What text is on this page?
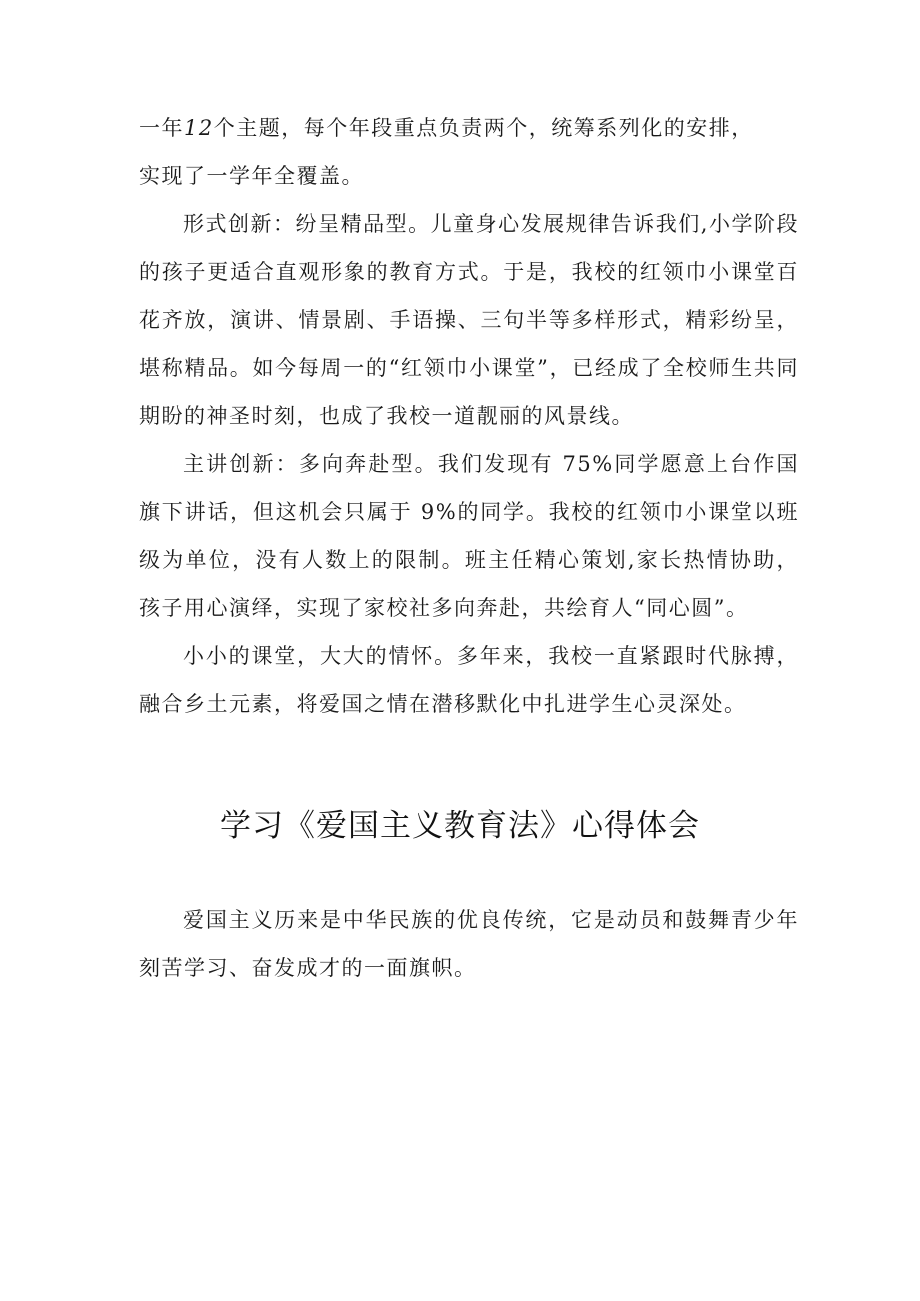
一年12个主题，每个年段重点负责两个，统筹系列化的安排，
实现了一学年全覆盖。

形式创新：纷呈精品型。儿童身心发展规律告诉我们,小学阶段的孩子更适合直观形象的教育方式。于是，我校的红领巾小课堂百花齐放，演讲、情景剧、手语操、三句半等多样形式，精彩纷呈，堪称精品。如今每周一的“红领巾小课堂”，已经成了全校师生共同期盼的神圣时刻，也成了我校一道靓丽的风景线。

主讲创新：多向奔赴型。我们发现有 75%同学愿意上台作国旗下讲话，但这机会只属于 9%的同学。我校的红领巾小课堂以班级为单位，没有人数上的限制。班主任精心策划,家长热情协助，孩子用心演绎，实现了家校社多向奔赴，共绘育人“同心圆”。

小小的课堂，大大的情怀。多年来，我校一直紧跟时代脉搏，融合乡土元素，将爱国之情在潜移默化中扎进学生心灵深处。

学习《爱国主义教育法》心得体会

爱国主义历来是中华民族的优良传统，它是动员和鼓舞青少年刻苦学习、奋发成才的一面旗帜。
